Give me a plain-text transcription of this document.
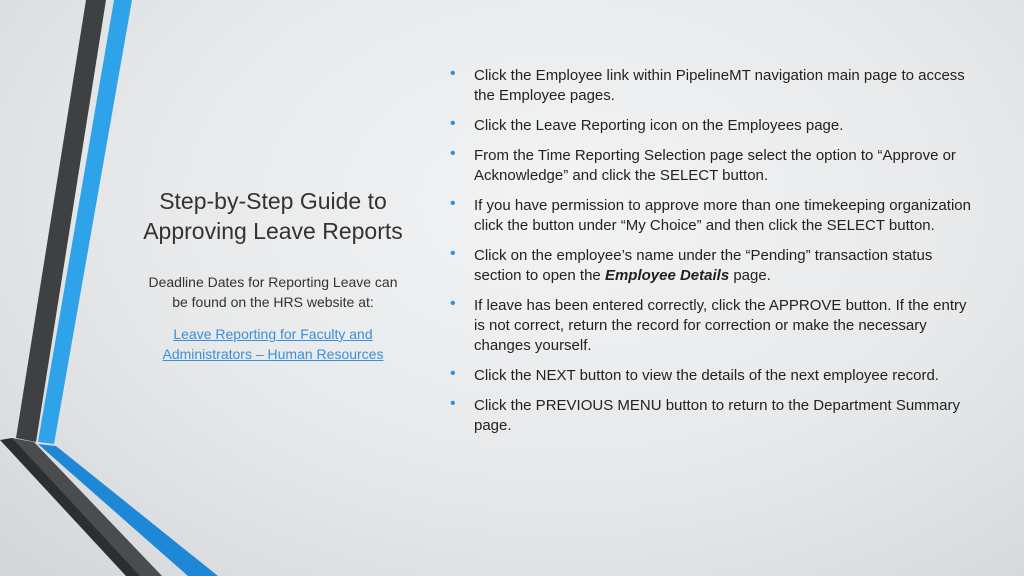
Step-by-Step Guide to
Approving Leave Reports
Deadline Dates for Reporting Leave can
be found on the HRS website at:
Leave Reporting for Faculty and
Administrators – Human Resources
• Click the Employee link within PipelineMT navigation main page to access the Employee pages.
• Click the Leave Reporting icon on the Employees page.
• From the Time Reporting Selection page select the option to “Approve or Acknowledge” and click the SELECT button.
• If you have permission to approve more than one timekeeping organization click the button under “My Choice” and then click the SELECT button.
• Click on the employee’s name under the “Pending” transaction status section to open the Employee Details page.
• If leave has been entered correctly, click the APPROVE button. If the entry is not correct, return the record for correction or make the necessary changes yourself.
• Click the NEXT button to view the details of the next employee record.
• Click the PREVIOUS MENU button to return to the Department Summary page.
